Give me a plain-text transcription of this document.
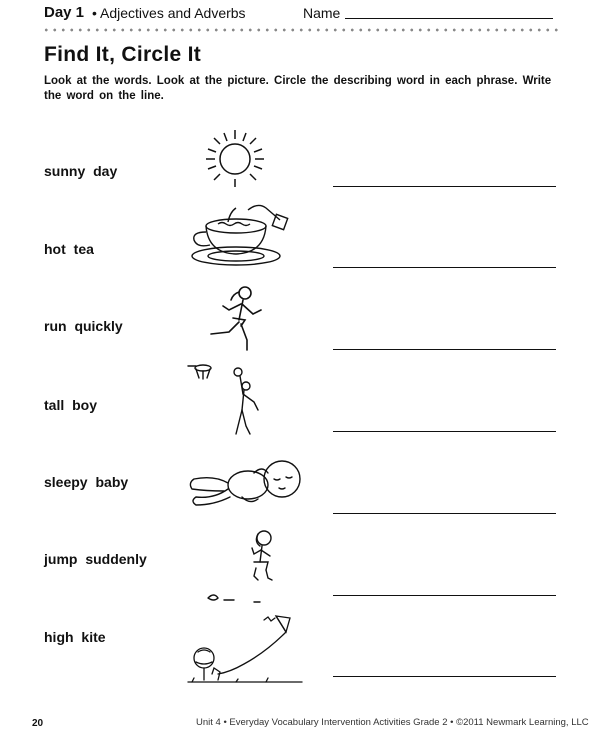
Day 1 • Adjectives and Adverbs	Name
Find It, Circle It
Look at the words. Look at the picture. Circle the describing word in each phrase. Write the word on the line.
sunny day
hot tea
run quickly
tall boy
sleepy baby
jump suddenly
high kite
20	Unit 4 • Everyday Vocabulary Intervention Activities Grade 2 • ©2011 Newmark Learning, LLC
